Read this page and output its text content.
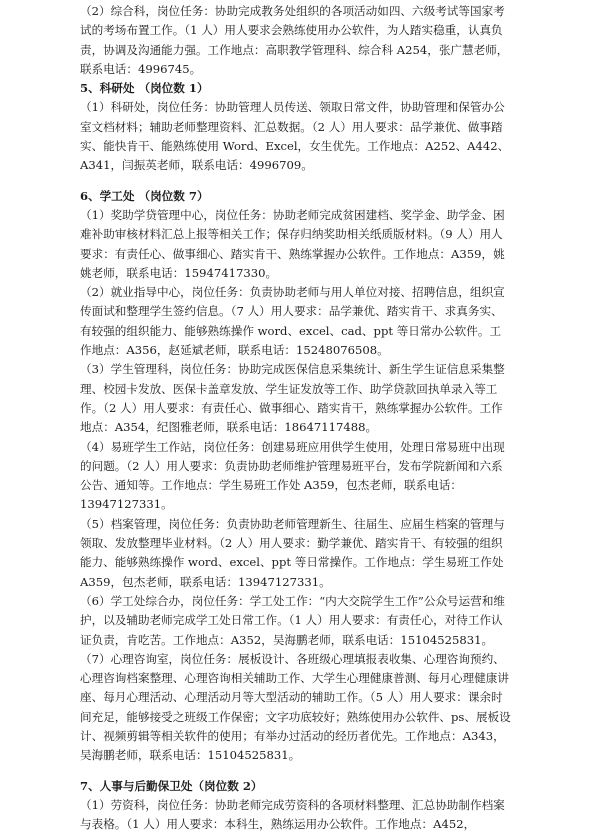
（2）综合科，岗位任务：协助完成教务处组织的各项活动如四、六级考试等国家考试的考场布置工作。（1 人）用人要求会熟练使用办公软件，为人踏实稳重，认真负责，协调及沟通能力强。工作地点：高职教学管理科、综合科 A254，张广慧老师，联系电话：4996745。

5、科研处 （岗位数 1）

（1）科研处，岗位任务：协助管理人员传送、领取日常文件，协助管理和保管办公室文档材料；辅助老师整理资料、汇总数据。（2 人）用人要求：品学兼优、做事踏实、能快肯干、能熟练使用 Word、Excel，女生优先。工作地点：A252、A442、A341，闫振英老师，联系电话：4996709。

6、学工处 （岗位数 7）

（1）奖助学贷管理中心，岗位任务：协助老师完成贫困建档、奖学金、助学金、困难补助审核材料汇总上报等相关工作；保存归纳奖助相关纸质版材料。（9 人）用人要求：有责任心、做事细心、踏实肯干、熟练掌握办公软件。工作地点：A359，姚姚老师，联系电话：15947417330。

（2）就业指导中心，岗位任务：负责协助老师与用人单位对接、招聘信息，组织宣传面试和整理学生签约信息。（7 人）用人要求：品学兼优、踏实肯干、求真务实、有较强的组织能力、能够熟练操作 word、excel、cad、ppt 等日常办公软件。工作地点：A356，赵延斌老师，联系电话：15248076508。

（3）学生管理科，岗位任务：协助完成医保信息采集统计、新生学生证信息采集整理、校园卡发放、医保卡盖章发放、学生证发放等工作、助学贷款回执单录入等工作。（2 人）用人要求：有责任心、做事细心、踏实肯干，熟练掌握办公软件。工作地点：A354，纪图雅老师，联系电话：18647117488。

（4）易班学生工作站，岗位任务：创建易班应用供学生使用，处理日常易班中出现的问题。（2 人）用人要求：负责协助老师维护管理易班平台，发布学院新闻和六系公告、通知等。工作地点：学生易班工作处 A359，包杰老师，联系电话：13947127331。

（5）档案管理，岗位任务：负责协助老师管理新生、往届生、应届生档案的管理与领取、发放整理毕业材料。（2 人）用人要求：勤学兼优、踏实肯干、有较强的组织能力、能够熟练操作 word、excel、ppt 等日常操作。工作地点：学生易班工作处 A359，包杰老师，联系电话：13947127331。

（6）学工处综合办，岗位任务：学工处工作：“内大交院学生工作”公众号运营和维护，以及辅助老师完成学工处日常工作。（1 人）用人要求：有责任心，对待工作认证负责，肯吃苦。工作地点：A352，吴海鹏老师，联系电话：15104525831。

（7）心理咨询室，岗位任务：展板设计、各班级心理填报表收集、心理咨询预约、心理咨询档案整理、心理咨询相关辅助工作、大学生心理健康普测、每月心理健康讲座、每月心理活动、心理活动月等大型活动的辅助工作。（5 人）用人要求：课余时间充足，能够接受之班级工作保密；文字功底较好；熟练使用办公软件、ps、展板设计、视频剪辑等相关软件的使用；有举办过活动的经历者优先。工作地点：A343，吴海鹏老师，联系电话：15104525831。

7、人事与后勤保卫处（岗位数 2）

（1）劳资科，岗位任务：协助老师完成劳资科的各项材料整理、汇总协助制作档案与表格。（1 人）用人要求：本科生，熟练运用办公软件。工作地点：A452，
